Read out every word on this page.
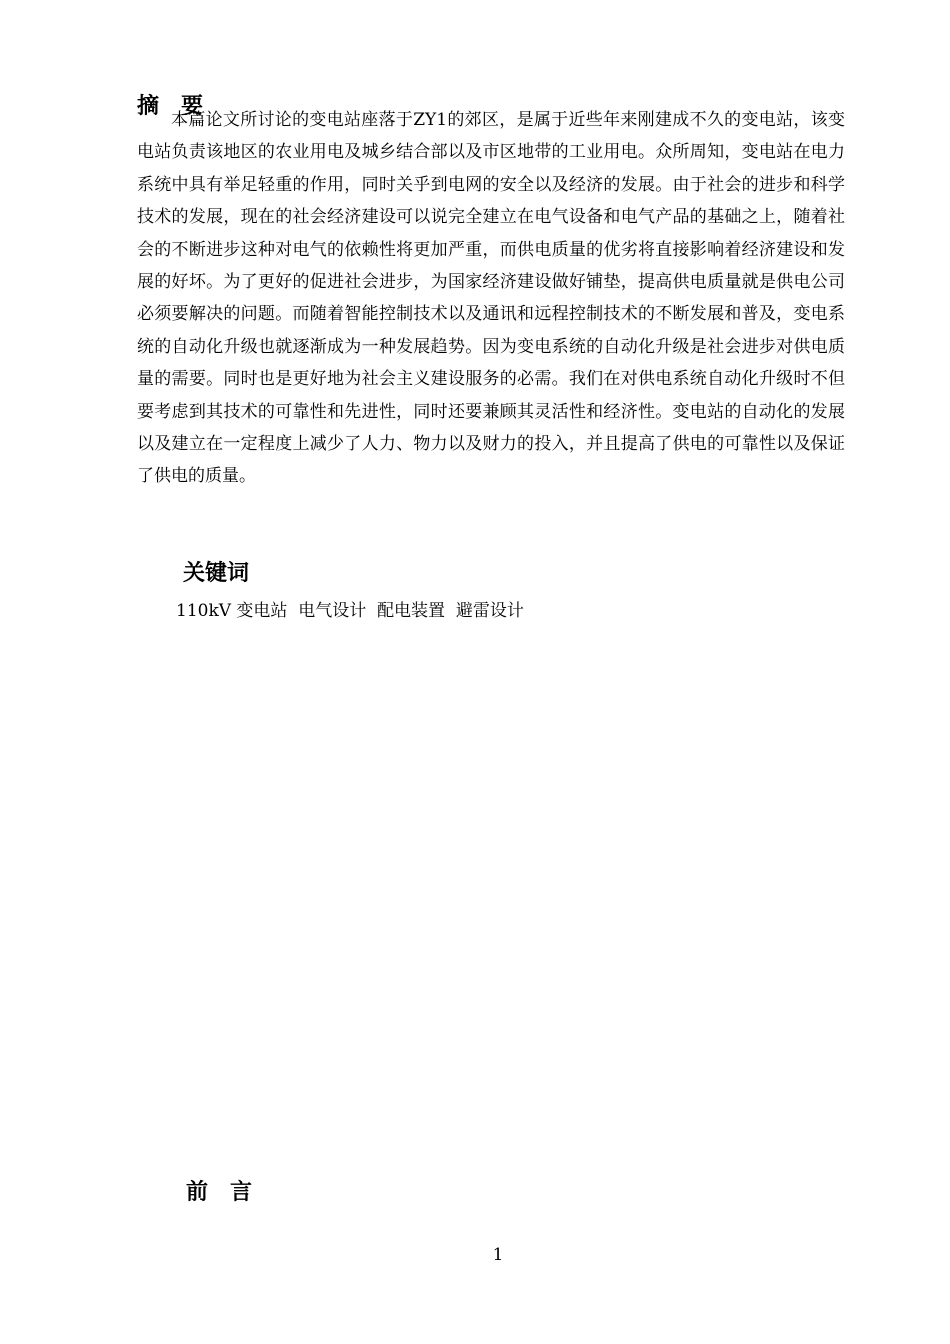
摘要

本篇论文所讨论的变电站座落于ZY1的郊区，是属于近些年来刚建成不久的变电站，该变电站负责该地区的农业用电及城乡结合部以及市区地带的工业用电。众所周知，变电站在电力系统中具有举足轻重的作用，同时关乎到电网的安全以及经济的发展。由于社会的进步和科学技术的发展，现在的社会经济建设可以说完全建立在电气设备和电气产品的基础之上，随着社会的不断进步这种对电气的依赖性将更加严重，而供电质量的优劣将直接影响着经济建设和发展的好坏。为了更好的促进社会进步，为国家经济建设做好铺垫，提高供电质量就是供电公司必须要解决的问题。而随着智能控制技术以及通讯和远程控制技术的不断发展和普及，变电系统的自动化升级也就逐渐成为一种发展趋势。因为变电系统的自动化升级是社会进步对供电质量的需要。同时也是更好地为社会主义建设服务的必需。我们在对供电系统自动化升级时不但要考虑到其技术的可靠性和先进性，同时还要兼顾其灵活性和经济性。变电站的自动化的发展以及建立在一定程度上减少了人力、物力以及财力的投入，并且提高了供电的可靠性以及保证了供电的质量。

关键词
110kV 变电站 电气设计 配电装置 避雷设计
前言
1
